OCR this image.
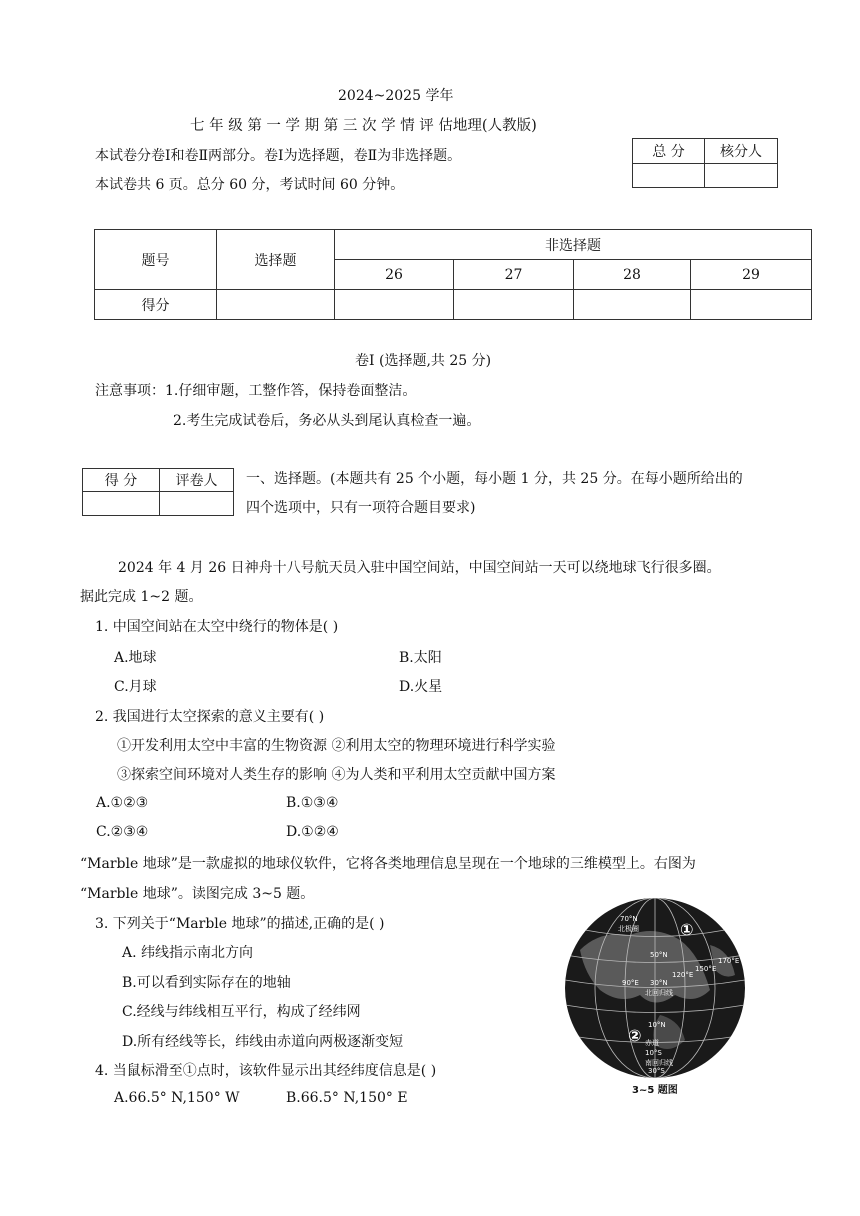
2024~2025 学年
七 年 级 第 一 学 期 第 三 次 学 情 评 估地理(人教版)
本试卷分卷Ⅰ和卷Ⅱ两部分。卷Ⅰ为选择题，卷Ⅱ为非选择题。
本试卷共 6 页。总分 60 分，考试时间 60 分钟。
总 分	核分人

题号	选择题	非选择题			
		26	27	28	29
得分					
卷Ⅰ (选择题,共 25 分)
注意事项：1.仔细审题，工整作答，保持卷面整洁。
2.考生完成试卷后，务必从头到尾认真检查一遍。
得 分	评卷人
	一、选择题。(本题共有 25 个小题，每小题 1 分，共 25 分。在每小题所给出的
四个选项中，只有一项符合题目要求)
2024 年 4 月 26 日神舟十八号航天员入驻中国空间站，中国空间站一天可以绕地球飞行很多圈。
据此完成 1~2 题。
1. 中国空间站在太空中绕行的物体是( )
A.地球	B.太阳
C.月球	D.火星
2. 我国进行太空探索的意义主要有( )
①开发利用太空中丰富的生物资源 ②利用太空的物理环境进行科学实验
③探索空间环境对人类生存的影响 ④为人类和平利用太空贡献中国方案
A.①②③	B.①③④
C.②③④	D.①②④
“Marble 地球”是一款虚拟的地球仪软件，它将各类地理信息呈现在一个地球的三维模型上。右图为
“Marble 地球”。读图完成 3~5 题。
3. 下列关于“Marble 地球”的描述,正确的是( )
A. 纬线指示南北方向
B.可以看到实际存在的地轴
C.经线与纬线相互平行，构成了经纬网
D.所有经线等长，纬线由赤道向两极逐渐变短
4. 当鼠标滑至①点时，该软件显示出其经纬度信息是( )
A.66.5° N,150° W	B.66.5° N,150° E
70°N
北极圈
50°N
150°E
170°E
120°E
90°E
北回归线
30°N
10°N
赤道
10°S
南回归线
30°S
①
②
3~5 题图
